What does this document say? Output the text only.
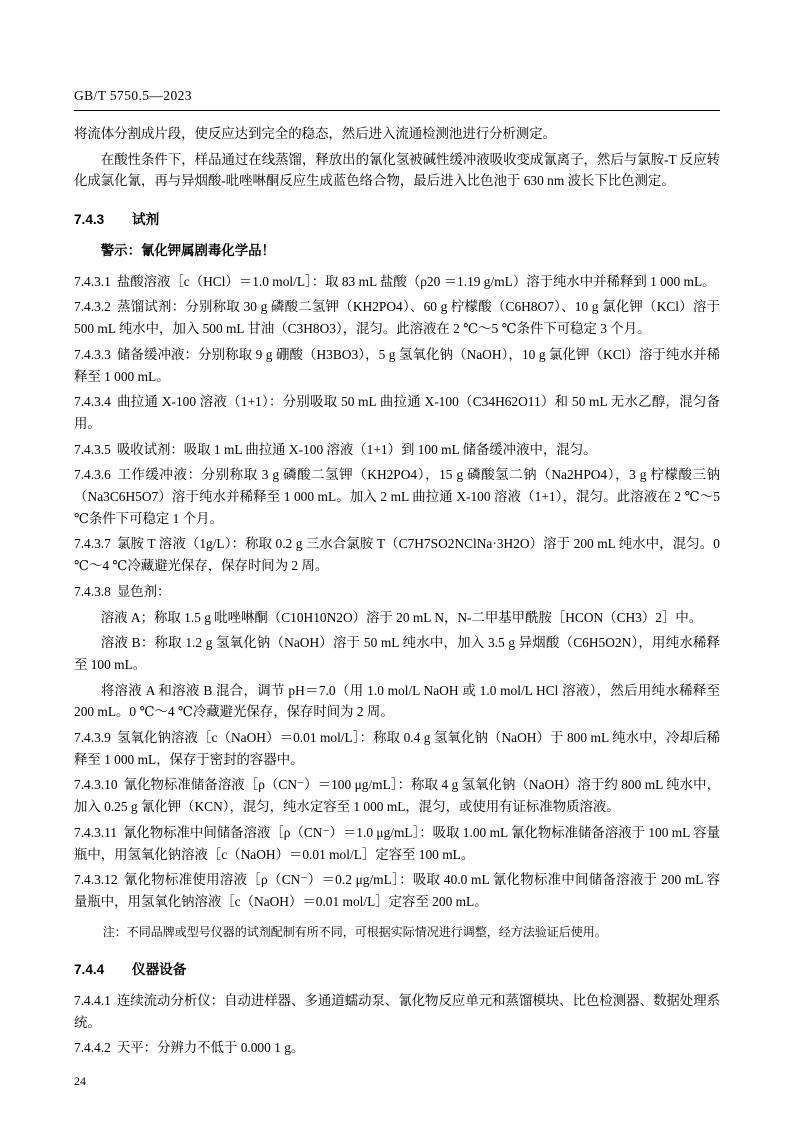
GB/T 5750.5—2023

将流体分割成片段，使反应达到完全的稳态，然后进入流通检测池进行分析测定。

在酸性条件下，样品通过在线蒸馏，释放出的氰化氢被碱性缓冲液吸收变成氰离子，然后与氯胺-T 反应转化成氯化氰，再与异烟酸-吡唑啉酮反应生成蓝色络合物，最后进入比色池于 630 nm 波长下比色测定。

7.4.3 试剂

警示：氰化钾属剧毒化学品！

7.4.3.1 盐酸溶液［c（HCl）＝1.0 mol/L］：取 83 mL 盐酸（ρ20 ＝1.19 g/mL）溶于纯水中并稀释到 1 000 mL。

7.4.3.2 蒸馏试剂：分别称取 30 g 磷酸二氢钾（KH2PO4）、60 g 柠檬酸（C6H8O7）、10 g 氯化钾（KCl）溶于 500 mL 纯水中，加入 500 mL 甘油（C3H8O3），混匀。此溶液在 2 ℃～5 ℃条件下可稳定 3 个月。

7.4.3.3 储备缓冲液：分别称取 9 g 硼酸（H3BO3），5 g 氢氧化钠（NaOH），10 g 氯化钾（KCl）溶于纯水并稀释至 1 000 mL。

7.4.3.4 曲拉通 X-100 溶液（1+1）：分别吸取 50 mL 曲拉通 X-100（C34H62O11）和 50 mL 无水乙醇，混匀备用。

7.4.3.5 吸收试剂：吸取 1 mL 曲拉通 X-100 溶液（1+1）到 100 mL 储备缓冲液中，混匀。

7.4.3.6 工作缓冲液：分别称取 3 g 磷酸二氢钾（KH2PO4），15 g 磷酸氢二钠（Na2HPO4），3 g 柠檬酸三钠（Na3C6H5O7）溶于纯水并稀释至 1 000 mL。加入 2 mL 曲拉通 X-100 溶液（1+1），混匀。此溶液在 2 ℃～5 ℃条件下可稳定 1 个月。

7.4.3.7 氯胺 T 溶液（1g/L）：称取 0.2 g 三水合氯胺 T（C7H7SO2NClNa·3H2O）溶于 200 mL 纯水中，混匀。0 ℃～4 ℃冷藏避光保存，保存时间为 2 周。

7.4.3.8 显色剂：

溶液 A；称取 1.5 g 吡唑啉酮（C10H10N2O）溶于 20 mL N，N-二甲基甲酰胺［HCON（CH3）2］中。

溶液 B：称取 1.2 g 氢氧化钠（NaOH）溶于 50 mL 纯水中，加入 3.5 g 异烟酸（C6H5O2N），用纯水稀释至 100 mL。

将溶液 A 和溶液 B 混合，调节 pH＝7.0（用 1.0 mol/L NaOH 或 1.0 mol/L HCl 溶液），然后用纯水稀释至 200 mL。0 ℃～4 ℃冷藏避光保存，保存时间为 2 周。

7.4.3.9 氢氧化钠溶液［c（NaOH）＝0.01 mol/L］：称取 0.4 g 氢氧化钠（NaOH）于 800 mL 纯水中，冷却后稀释至 1 000 mL，保存于密封的容器中。

7.4.3.10 氰化物标准储备溶液［ρ（CN⁻）＝100 μg/mL］：称取 4 g 氢氧化钠（NaOH）溶于约 800 mL 纯水中，加入 0.25 g 氰化钾（KCN），混匀，纯水定容至 1 000 mL，混匀，或使用有证标准物质溶液。

7.4.3.11 氰化物标准中间储备溶液［ρ（CN⁻）＝1.0 μg/mL］：吸取 1.00 mL 氰化物标准储备溶液于 100 mL 容量瓶中，用氢氧化钠溶液［c（NaOH）＝0.01 mol/L］定容至 100 mL。

7.4.3.12 氰化物标准使用溶液［ρ（CN⁻）＝0.2 μg/mL］：吸取 40.0 mL 氰化物标准中间储备溶液于 200 mL 容量瓶中，用氢氧化钠溶液［c（NaOH）＝0.01 mol/L］定容至 200 mL。

注：不同品牌或型号仪器的试剂配制有所不同，可根据实际情况进行调整，经方法验证后使用。

7.4.4 仪器设备

7.4.4.1 连续流动分析仪：自动进样器、多通道蠕动泵、氰化物反应单元和蒸馏模块、比色检测器、数据处理系统。

7.4.4.2 天平：分辨力不低于 0.000 1 g。

24
